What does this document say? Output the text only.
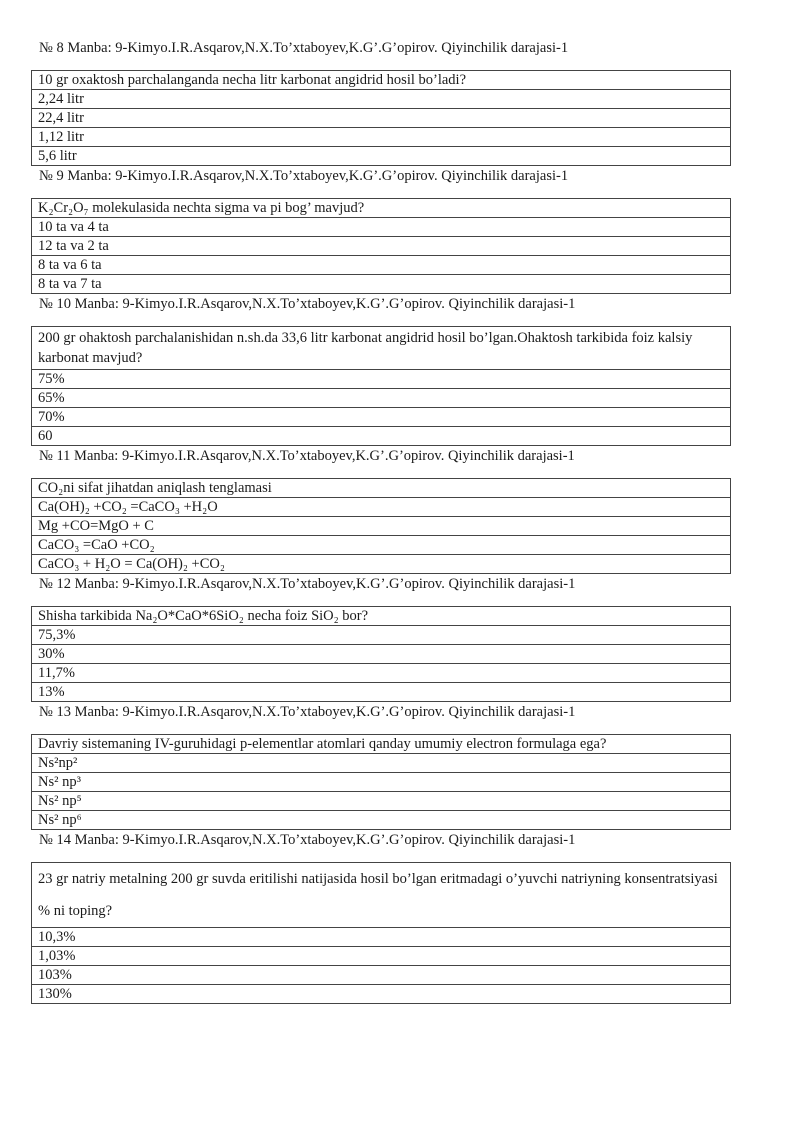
№ 8 Manba: 9-Kimyo.I.R.Asqarov,N.X.To’xtaboyev,K.G’.G’opirov. Qiyinchilik darajasi-1
10 gr oxaktosh parchalanganda necha litr karbonat angidrid hosil bo’ladi?
2,24 litr
22,4 litr
1,12 litr
5,6 litr
№ 9 Manba: 9-Kimyo.I.R.Asqarov,N.X.To’xtaboyev,K.G’.G’opirov. Qiyinchilik darajasi-1
K₂Cr₂O₇ molekulasida nechta sigma va pi bog’ mavjud?
10 ta va 4 ta
12 ta va 2 ta
8 ta va 6 ta
8 ta va 7 ta
№ 10 Manba: 9-Kimyo.I.R.Asqarov,N.X.To’xtaboyev,K.G’.G’opirov. Qiyinchilik darajasi-1
200 gr ohaktosh parchalanishidan n.sh.da 33,6 litr karbonat angidrid hosil bo’lgan.Ohaktosh tarkibida foiz kalsiy karbonat mavjud?
75%
65%
70%
60
№ 11 Manba: 9-Kimyo.I.R.Asqarov,N.X.To’xtaboyev,K.G’.G’opirov. Qiyinchilik darajasi-1
CO₂ni sifat jihatdan aniqlash tenglamasi
Ca(OH)₂ +CO₂ =CaCO₃ +H₂O
Mg +CO=MgO + C
CaCO₃ =CaO +CO₂
CaCO₃ + H₂O = Ca(OH)₂ +CO₂
№ 12 Manba: 9-Kimyo.I.R.Asqarov,N.X.To’xtaboyev,K.G’.G’opirov. Qiyinchilik darajasi-1
Shisha tarkibida Na₂O*CaO*6SiO₂ necha foiz SiO₂ bor?
75,3%
30%
11,7%
13%
№ 13 Manba: 9-Kimyo.I.R.Asqarov,N.X.To’xtaboyev,K.G’.G’opirov. Qiyinchilik darajasi-1
Davriy sistemaning IV-guruhidagi p-elementlar atomlari qanday umumiy electron formulaga ega?
Ns²np²
Ns² np³
Ns² np⁵
Ns² np⁶
№ 14 Manba: 9-Kimyo.I.R.Asqarov,N.X.To’xtaboyev,K.G’.G’opirov. Qiyinchilik darajasi-1
23 gr natriy metalning 200 gr suvda eritilishi natijasida hosil bo’lgan eritmadagi o’yuvchi natriyning konsentratsiyasi % ni toping?
10,3%
1,03%
103%
130%
